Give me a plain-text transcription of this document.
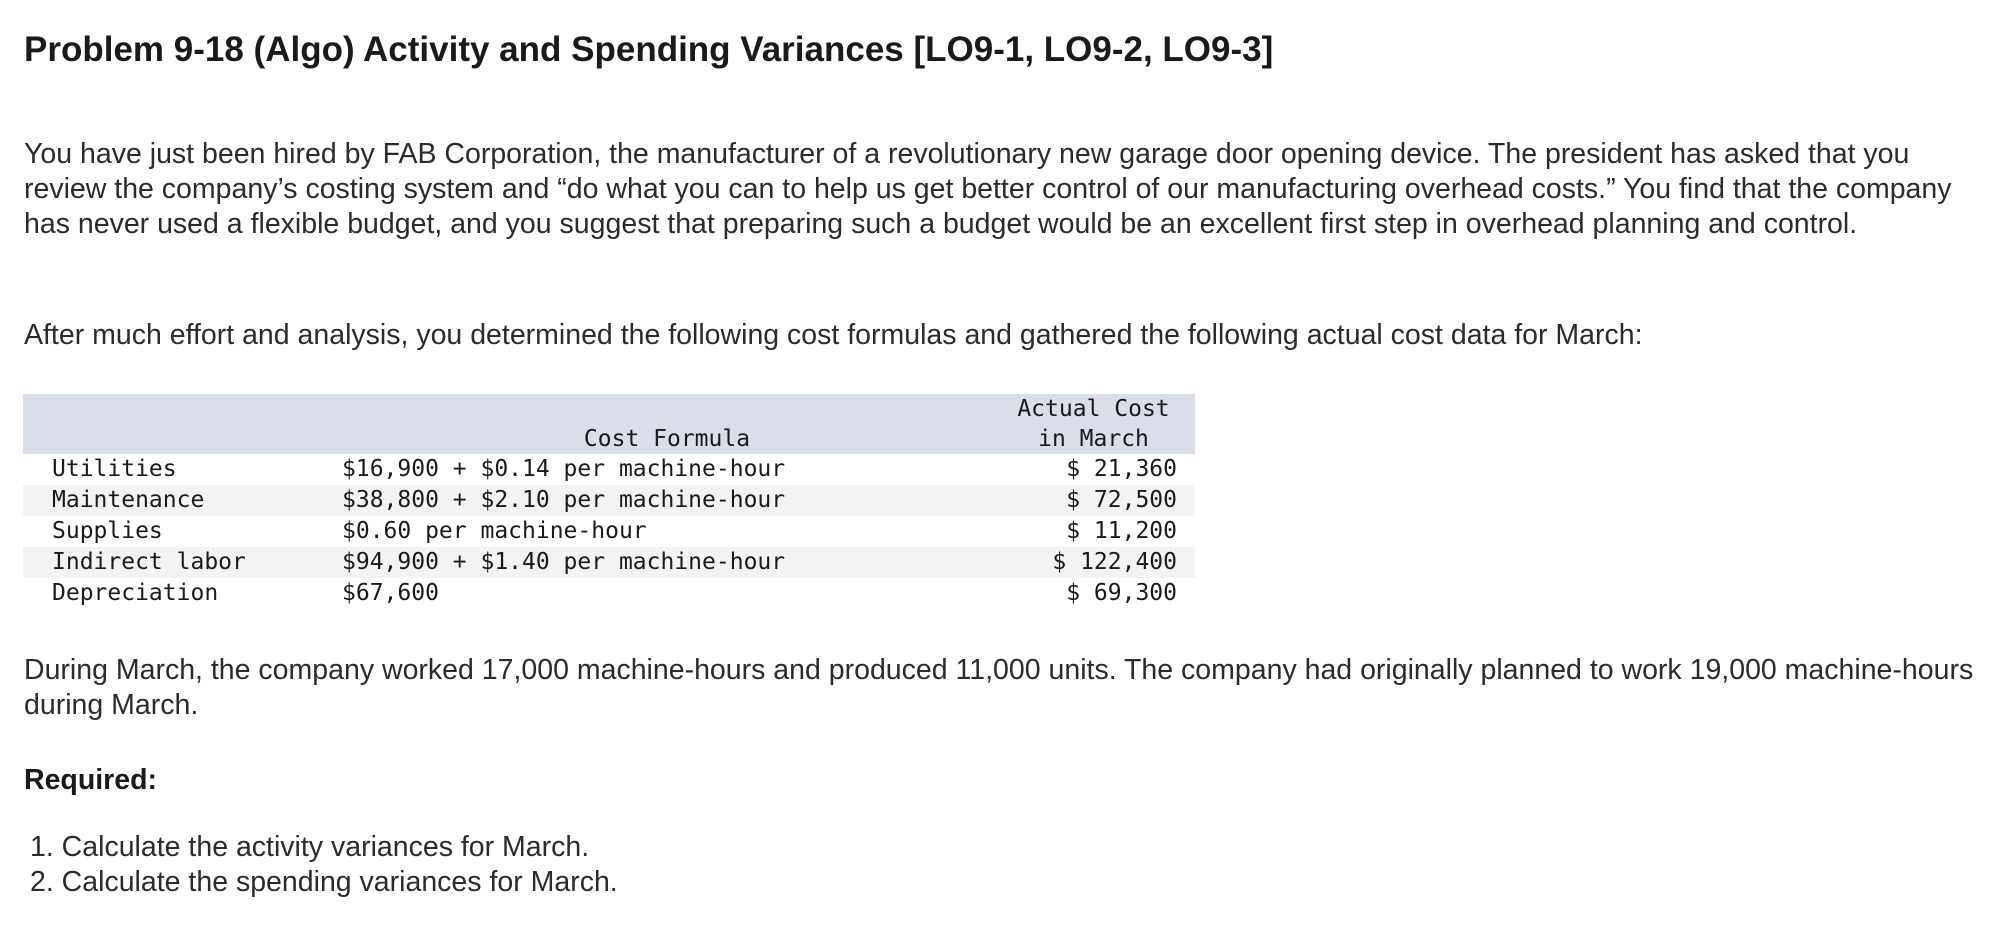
Problem 9-18 (Algo) Activity and Spending Variances [LO9-1, LO9-2, LO9-3]

You have just been hired by FAB Corporation, the manufacturer of a revolutionary new garage door opening device. The president has asked that you review the company’s costing system and “do what you can to help us get better control of our manufacturing overhead costs.” You find that the company has never used a flexible budget, and you suggest that preparing such a budget would be an excellent first step in overhead planning and control.

After much effort and analysis, you determined the following cost formulas and gathered the following actual cost data for March:

		Actual Cost
	Cost Formula	in March
Utilities	$16,900 + $0.14 per machine-hour	$ 21,360
Maintenance	$38,800 + $2.10 per machine-hour	$ 72,500
Supplies	$0.60 per machine-hour	$ 11,200
Indirect labor	$94,900 + $1.40 per machine-hour	$ 122,400
Depreciation	$67,600	$ 69,300

During March, the company worked 17,000 machine-hours and produced 11,000 units. The company had originally planned to work 19,000 machine-hours during March.

Required:

1. Calculate the activity variances for March.
2. Calculate the spending variances for March.
